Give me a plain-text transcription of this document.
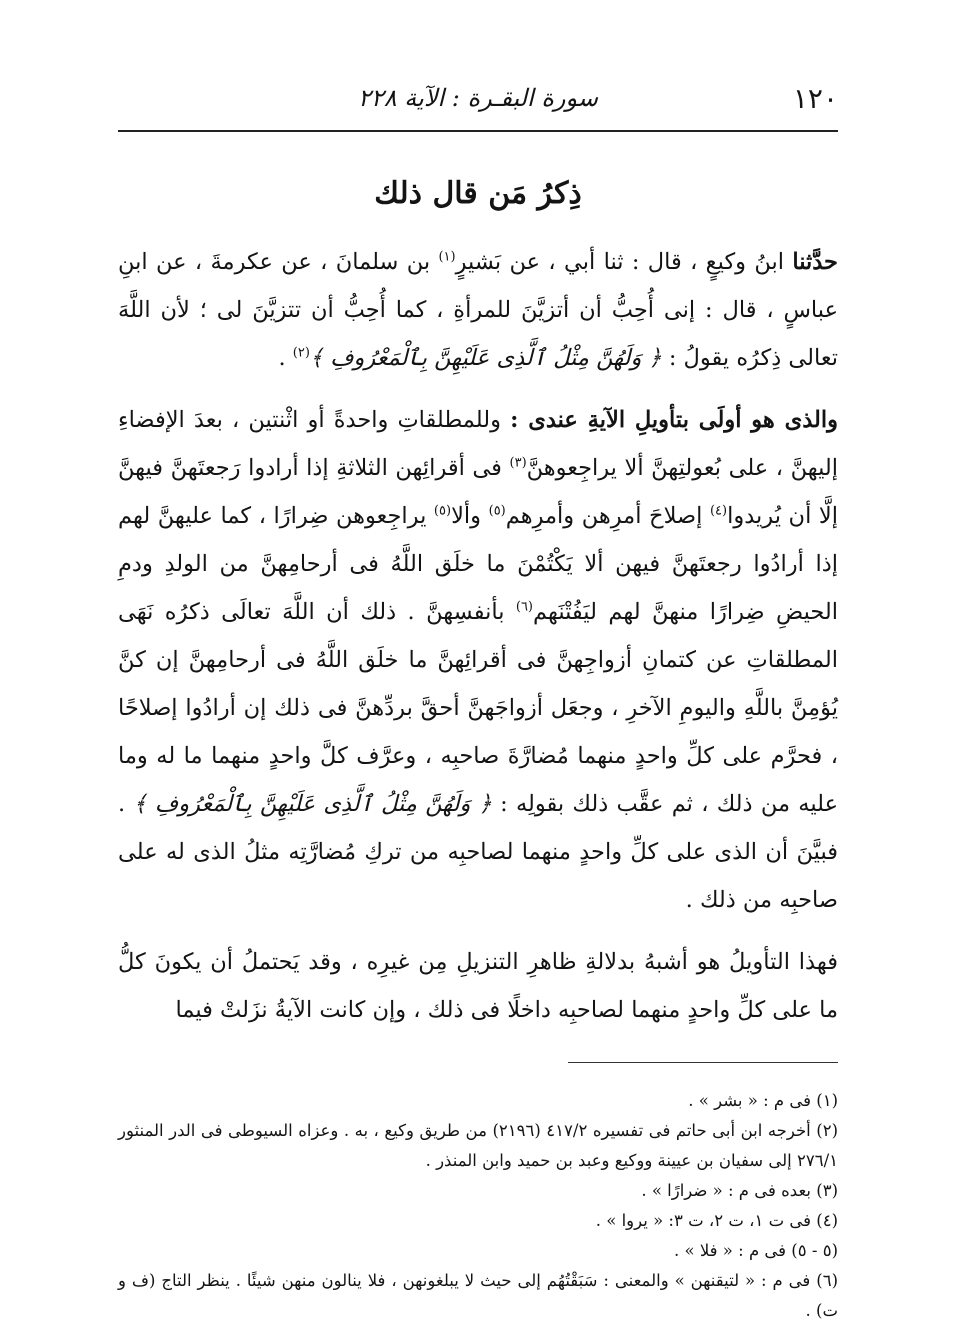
١٢٠
سورة البقـرة : الآية ٢٢٨
ذِكرُ مَن قال ذلك

حدَّثنا ابنُ وكيعٍ ، قال : ثنا أبي ، عن بَشيرٍ$^{(١)}$ بن سلمانَ ، عن عكرمةَ ، عن ابنِ عباسٍ ، قال : إنى أُحِبُّ أن أتزيَّنَ للمرأةِ ، كما أُحِبُّ أن تتزيَّنَ لى ؛ لأن اللَّهَ تعالى ذِكرُه يقولُ : ﴿ وَلَهُنَّ مِثْلُ ٱلَّذِى عَلَيْهِنَّ بِٱلْمَعْرُوفِ ﴾$^{(٢)}$ .

والذى هو أولَى بتأويلِ الآيةِ عندى : وللمطلقاتِ واحدةً أو اثْنتين ، بعدَ الإفضاءِ إليهنَّ ، على بُعولتِهنَّ ألا يراجِعوهنَّ$^{(٣)}$ فى أقرائِهن الثلاثةِ إذا أرادوا رَجعتَهنَّ فيهنَّ إلَّا أن يُريدوا$^{(٤)}$ إصلاحَ أمرِهن وأمرِهم$^{(٥)}$ وألا$^{(٥)}$ يراجِعوهن ضِرارًا ، كما عليهنَّ لهم إذا أرادُوا رجعتَهنَّ فيهن ألا يَكْتُمْنَ ما خلَق اللَّهُ فى أرحامِهنَّ من الولدِ ودمِ الحيضِ ضِرارًا منهنَّ لهم ليَفُتْنَهم$^{(٦)}$ بأنفسِهنَّ . ذلك أن اللَّهَ تعالَى ذكرُه نَهَى المطلقاتِ عن كتمانِ أزواجِهنَّ فى أقرائِهنَّ ما خلَق اللَّهُ فى أرحامِهنَّ إن كنَّ يُؤمِنَّ باللَّهِ واليومِ الآخرِ ، وجعَل أزواجَهنَّ أحقَّ بردِّهنَّ فى ذلك إن أرادُوا إصلاحًا ، فحرَّم على كلِّ واحدٍ منهما مُضارَّةَ صاحبِه ، وعرَّف كلَّ واحدٍ منهما ما له وما عليه من ذلك ، ثم عقَّب ذلك بقولِه : ﴿ وَلَهُنَّ مِثْلُ ٱلَّذِى عَلَيْهِنَّ بِٱلْمَعْرُوفِ ﴾ . فبيَّنَ أن الذى على كلِّ واحدٍ منهما لصاحبِه من تركِ مُضارَّتِه مثلُ الذى له على صاحبِه من ذلك .

فهذا التأويلُ هو أشبهُ بدلالةِ ظاهرِ التنزيلِ مِن غيرِه ، وقد يَحتملُ أن يكونَ كلُّ ما على كلِّ واحدٍ منهما لصاحبِه داخلًا فى ذلك ، وإن كانت الآيةُ نزَلتْ فيما

(١) فى م : « بشر » .
(٢) أخرجه ابن أبى حاتم فى تفسيره ٤١٧/٢ (٢١٩٦) من طريق وكيع ، به . وعزاه السيوطى فى الدر المنثور ٢٧٦/١ إلى سفيان بن عيينة ووكيع وعبد بن حميد وابن المنذر .
(٣) بعده فى م : « ضرارًا » .
(٤) فى ت ١، ت ٢، ت ٣: « يروا » .
(٥ - ٥) فى م : « فلا » .
(٦) فى م : « لتيقنهن » والمعنى : سَبَقْتُهُم إلى حيث لا يبلغونهن ، فلا ينالون منهن شيئًا . ينظر التاج (ف و ت) .
